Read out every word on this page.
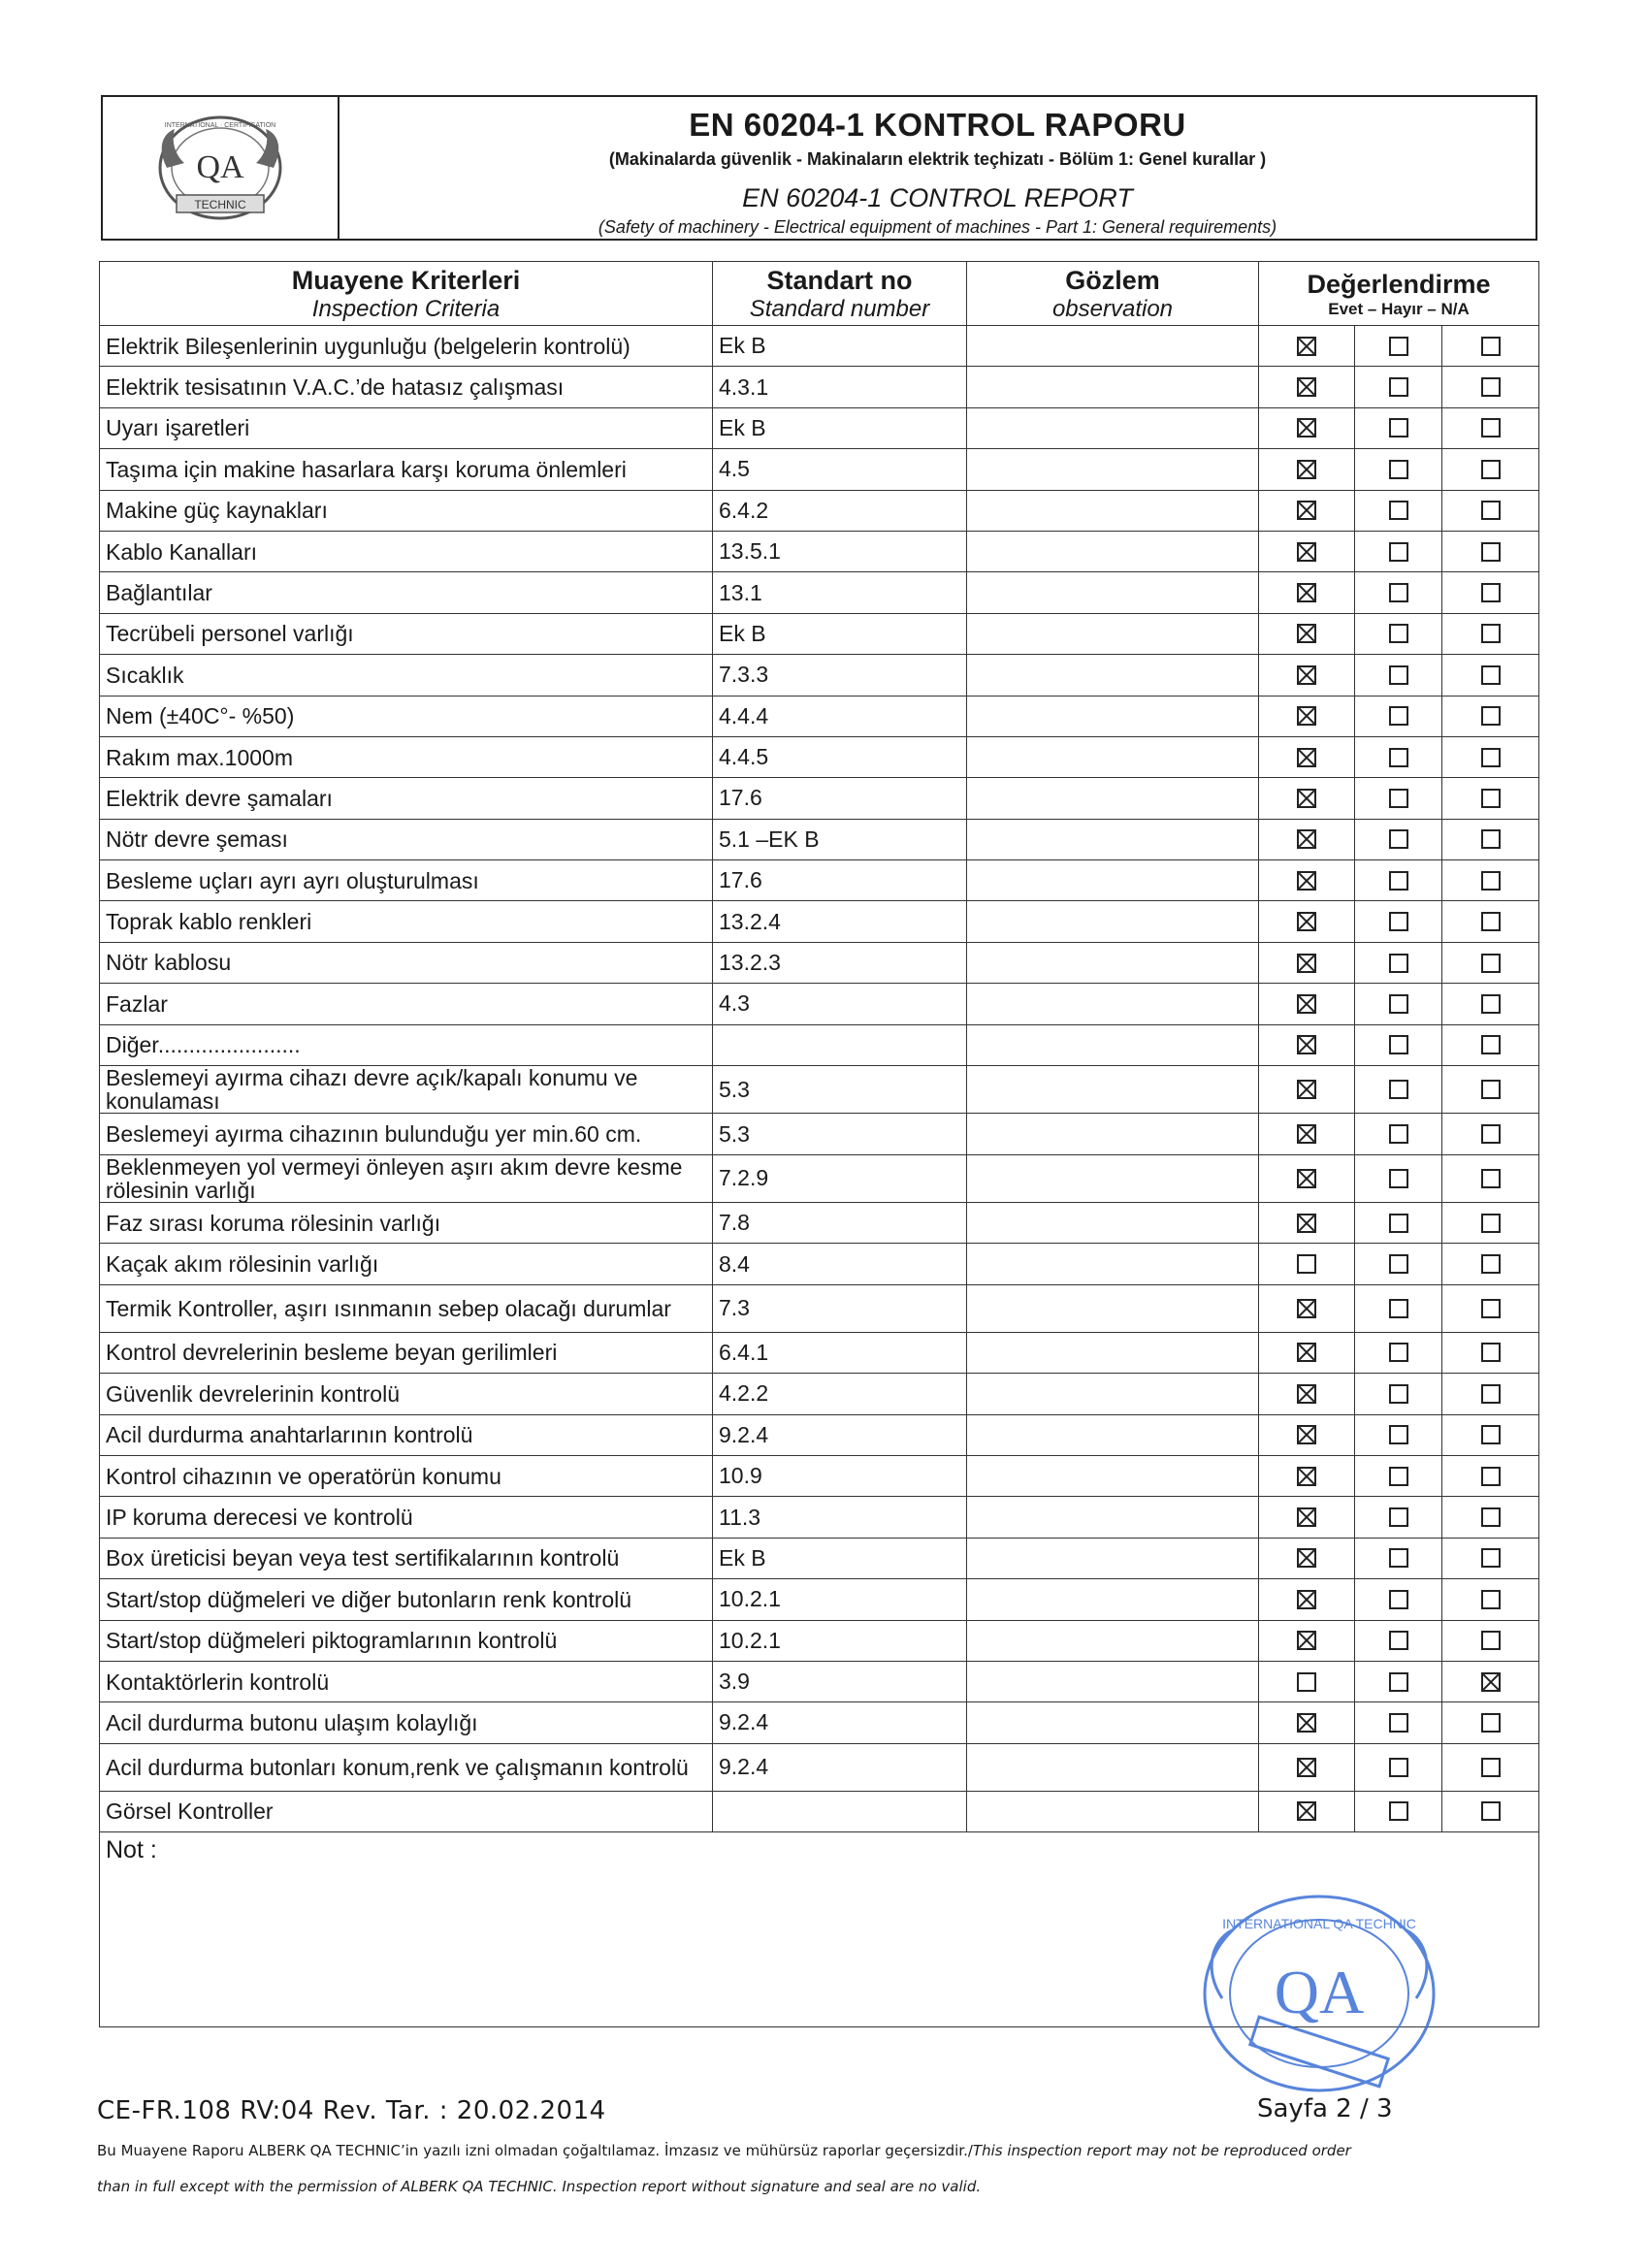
QA
TECHNIC
INTERNATIONAL · CERTIFICATION	EN 60204-1 KONTROL RAPORU
(Makinalarda güvenlik - Makinaların elektrik teçhizatı - Bölüm 1: Genel kurallar )
EN 60204-1 CONTROL REPORT
(Safety of machinery - Electrical equipment of machines - Part 1: General requirements)
Muayene Kriterleri
Inspection Criteria	Standart no
Standard number	Gözlem
observation	Değerlendirme
Evet – Hayır – N/A		

Elektrik Bileşenlerinin uygunluğu (belgelerin kontrolü)	Ek B				
Elektrik tesisatının V.A.C.’de hatasız çalışması	4.3.1				
Uyarı işaretleri	Ek B				
Taşıma için makine hasarlara karşı koruma önlemleri	4.5				
Makine güç kaynakları	6.4.2				
Kablo Kanalları	13.5.1				
Bağlantılar	13.1				
Tecrübeli personel varlığı	Ek B				
Sıcaklık	7.3.3				
Nem (±40C°- %50)	4.4.4				
Rakım max.1000m	4.4.5				
Elektrik devre şamaları	17.6				
Nötr devre şeması	5.1 –EK B				
Besleme uçları ayrı ayrı oluşturulması	17.6				
Toprak kablo renkleri	13.2.4				
Nötr kablosu	13.2.3				
Fazlar	4.3				
Diğer.......................					
Beslemeyi ayırma cihazı devre açık/kapalı konumu ve konulaması	5.3				
Beslemeyi ayırma cihazının bulunduğu yer min.60 cm.	5.3				
Beklenmeyen yol vermeyi önleyen aşırı akım devre kesme rölesinin varlığı	7.2.9				
Faz sırası koruma rölesinin varlığı	7.8				
Kaçak akım rölesinin varlığı	8.4				
Termik Kontroller, aşırı ısınmanın sebep olacağı durumlar	7.3				
Kontrol devrelerinin besleme beyan gerilimleri	6.4.1				
Güvenlik devrelerinin kontrolü	4.2.2				
Acil durdurma anahtarlarının kontrolü	9.2.4				
Kontrol cihazının ve operatörün konumu	10.9				
IP koruma derecesi ve kontrolü	11.3				
Box üreticisi beyan veya test sertifikalarının kontrolü	Ek B				
Start/stop düğmeleri ve diğer butonların renk kontrolü	10.2.1				
Start/stop düğmeleri piktogramlarının kontrolü	10.2.1				
Kontaktörlerin kontrolü	3.9				
Acil durdurma butonu ulaşım kolaylığı	9.2.4				
Acil durdurma butonları konum,renk ve çalışmanın kontrolü	9.2.4				
Görsel Kontroller					
Not :					
QA
INTERNATIONAL QA TECHNIC
CE-FR.108 RV:04 Rev. Tar. : 20.02.2014	Sayfa 2 / 3
Bu Muayene Raporu ALBERK QA TECHNIC’in yazılı izni olmadan çoğaltılamaz. İmzasız ve mühürsüz raporlar geçersizdir./This inspection report may not be reproduced order
than in full except with the permission of ALBERK QA TECHNIC. Inspection report without signature and seal are no valid.
